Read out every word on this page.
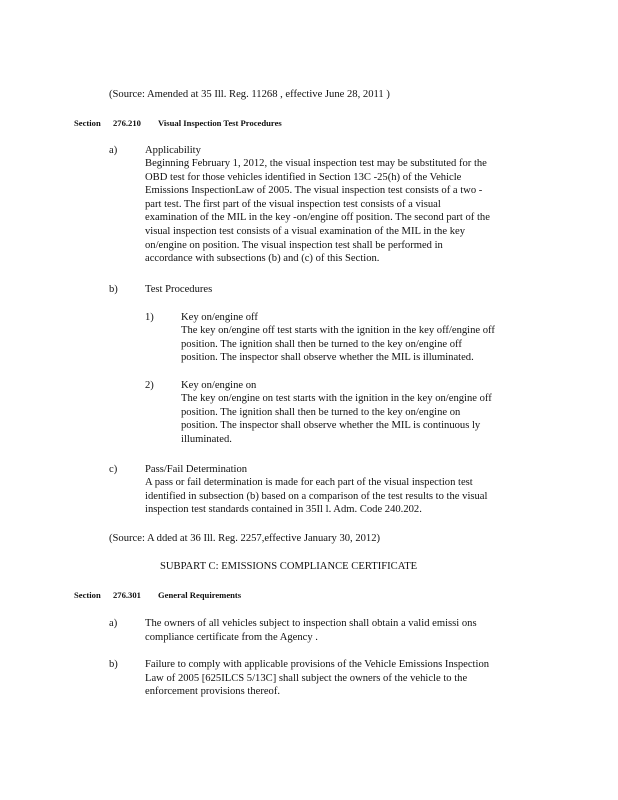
(Source: Amended at 35 Ill. Reg. 11268 , effective June 28, 2011 )
Section 276.210 Visual Inspection Test Procedures
a)	Applicability
Beginning February 1, 2012, the visual inspection test may be substituted for the
OBD test for those vehicles identified in Section 13C -25(h) of the Vehicle
Emissions InspectionLaw of 2005. The visual inspection test consists of a two -
part test. The first part of the visual inspection test consists of a visual
examination of the MIL in the key -on/engine off position. The second part of the
visual inspection test consists of a visual examination of the MIL in the key
on/engine on position. The visual inspection test shall be performed in
accordance with subsections (b) and (c) of this Section.
b)	Test Procedures
1)	Key on/engine off
The key on/engine off test starts with the ignition in the key off/engine off
position. The ignition shall then be turned to the key on/engine off
position. The inspector shall observe whether the MIL is illuminated.
2)	Key on/engine on
The key on/engine on test starts with the ignition in the key on/engine off
position. The ignition shall then be turned to the key on/engine on
position. The inspector shall observe whether the MIL is continuous ly
illuminated.
c)	Pass/Fail Determination
A pass or fail determination is made for each part of the visual inspection test
identified in subsection (b) based on a comparison of the test results to the visual
inspection test standards contained in 35Il l. Adm. Code 240.202.
(Source: A dded at 36 Ill. Reg. 2257,effective January 30, 2012)
SUBPART C: EMISSIONS COMPLIANCE CERTIFICATE
Section 276.301 General Requirements
a)	The owners of all vehicles subject to inspection shall obtain a valid emissi ons
compliance certificate from the Agency .
b)	Failure to comply with applicable provisions of the Vehicle Emissions Inspection
Law of 2005 [625ILCS 5/13C] shall subject the owners of the vehicle to the
enforcement provisions thereof.
